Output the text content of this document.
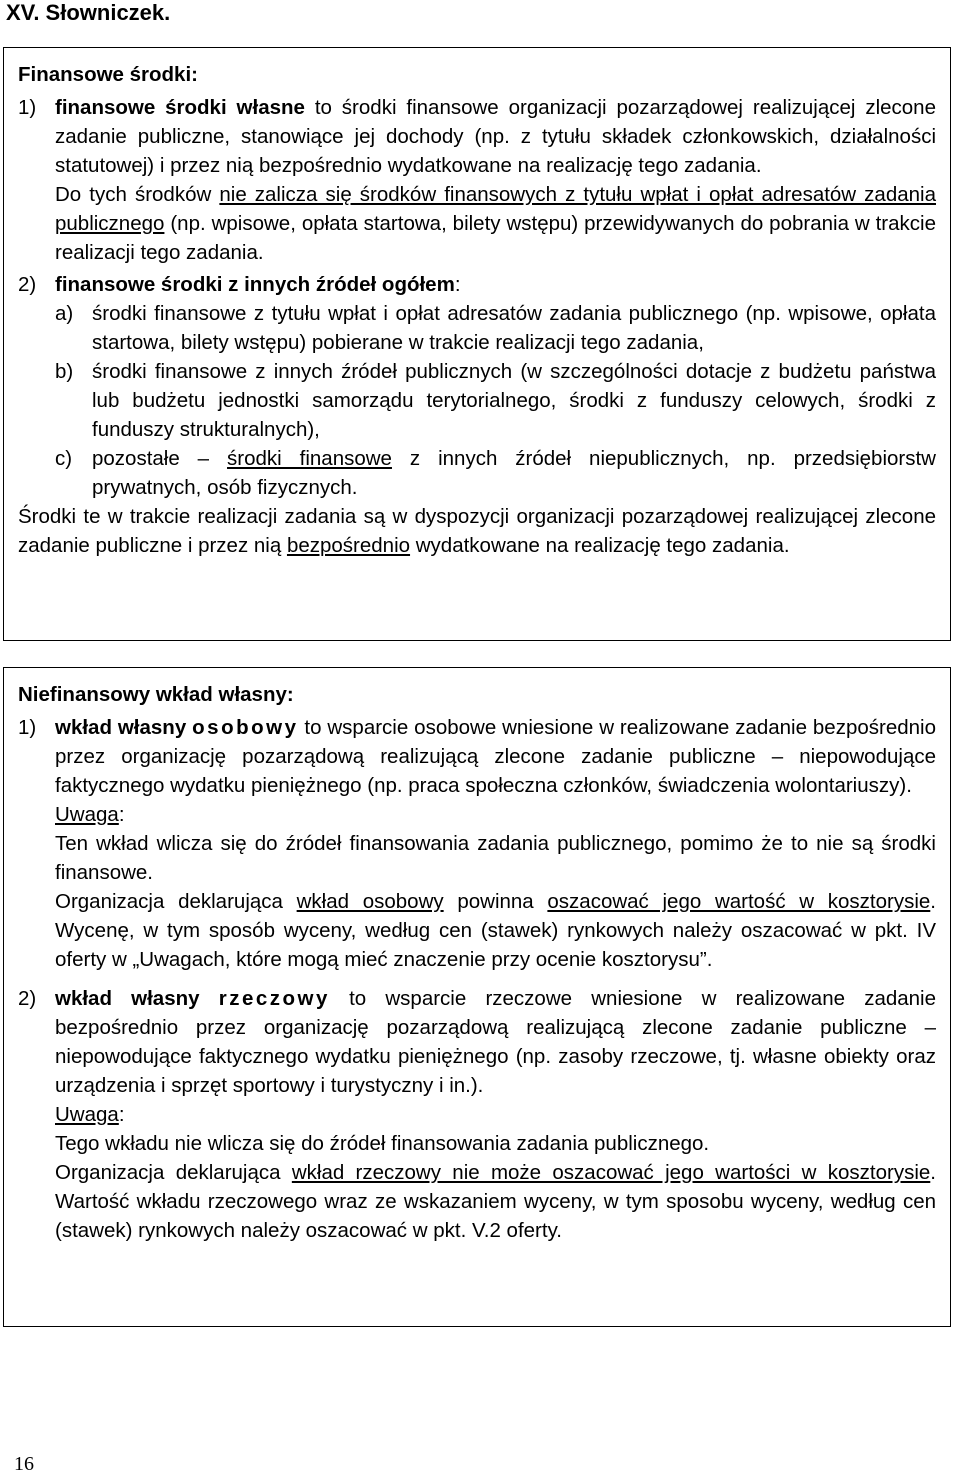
XV. Słowniczek.
Finansowe środki:
1) finansowe środki własne to środki finansowe organizacji pozarządowej realizującej zlecone zadanie publiczne, stanowiące jej dochody (np. z tytułu składek członkowskich, działalności statutowej) i przez nią bezpośrednio wydatkowane na realizację tego zadania.
Do tych środków nie zalicza się środków finansowych z tytułu wpłat i opłat adresatów zadania publicznego (np. wpisowe, opłata startowa, bilety wstępu) przewidywanych do pobrania w trakcie realizacji tego zadania.
2) finansowe środki z innych źródeł ogółem:
a) środki finansowe z tytułu wpłat i opłat adresatów zadania publicznego (np. wpisowe, opłata startowa, bilety wstępu) pobierane w trakcie realizacji tego zadania,
b) środki finansowe z innych źródeł publicznych (w szczególności dotacje z budżetu państwa lub budżetu jednostki samorządu terytorialnego, środki z funduszy celowych, środki z funduszy strukturalnych),
c) pozostałe – środki finansowe z innych źródeł niepublicznych, np. przedsiębiorstw prywatnych, osób fizycznych.
Środki te w trakcie realizacji zadania są w dyspozycji organizacji pozarządowej realizującej zlecone zadanie publiczne i przez nią bezpośrednio wydatkowane na realizację tego zadania.
Niefinansowy wkład własny:
1) wkład własny osobowy to wsparcie osobowe wniesione w realizowane zadanie bezpośrednio przez organizację pozarządową realizującą zlecone zadanie publiczne – niepowodujące faktycznego wydatku pieniężnego (np. praca społeczna członków, świadczenia wolontariuszy).
Uwaga:
Ten wkład wlicza się do źródeł finansowania zadania publicznego, pomimo że to nie są środki finansowe.
Organizacja deklarująca wkład osobowy powinna oszacować jego wartość w kosztorysie. Wycenę, w tym sposób wyceny, według cen (stawek) rynkowych należy oszacować w pkt. IV oferty w „Uwagach, które mogą mieć znaczenie przy ocenie kosztorysu”.
2) wkład własny rzeczowy to wsparcie rzeczowe wniesione w realizowane zadanie bezpośrednio przez organizację pozarządową realizującą zlecone zadanie publiczne – niepowodujące faktycznego wydatku pieniężnego (np. zasoby rzeczowe, tj. własne obiekty oraz urządzenia i sprzęt sportowy i turystyczny i in.).
Uwaga:
Tego wkładu nie wlicza się do źródeł finansowania zadania publicznego.
Organizacja deklarująca wkład rzeczowy nie może oszacować jego wartości w kosztorysie. Wartość wkładu rzeczowego wraz ze wskazaniem wyceny, w tym sposobu wyceny, według cen (stawek) rynkowych należy oszacować w pkt. V.2 oferty.
16
